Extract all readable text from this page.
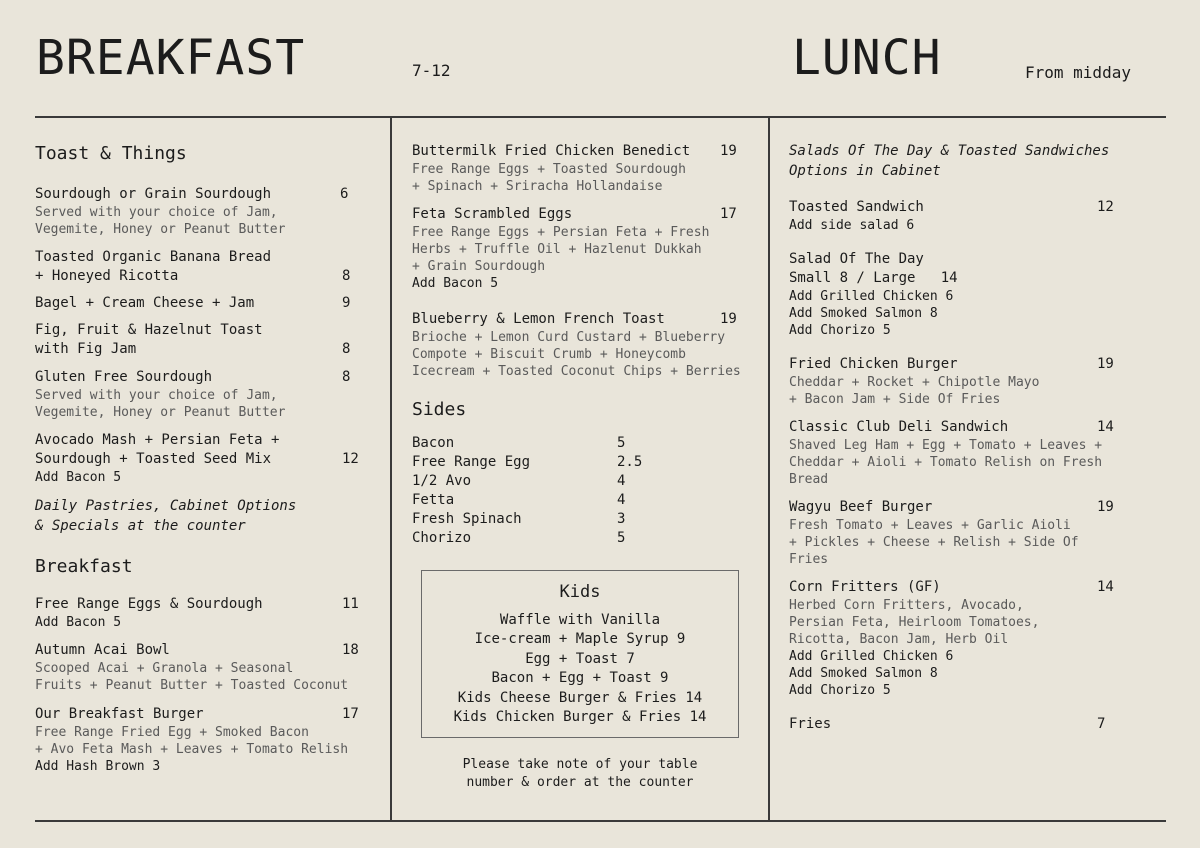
BREAKFAST	7-12	LUNCH	From midday
Toast & Things
Sourdough or Grain Sourdough
Served with your choice of Jam,
Vegemite, Honey or Peanut Butter
6
Toasted Organic Banana Bread
+ Honeyed Ricotta	8
Bagel + Cream Cheese + Jam	9
Fig, Fruit & Hazelnut Toast
with Fig Jam	8
Gluten Free Sourdough
Served with your choice of Jam,
Vegemite, Honey or Peanut Butter
8
Avocado Mash + Persian Feta +
Sourdough + Toasted Seed Mix
Add Bacon 5
12
Daily Pastries, Cabinet Options
& Specials at the counter
Breakfast
Free Range Eggs & Sourdough
Add Bacon 5
11
Autumn Acai Bowl
Scooped Acai + Granola + Seasonal
Fruits + Peanut Butter + Toasted Coconut
18
Our Breakfast Burger
Free Range Fried Egg + Smoked Bacon
+ Avo Feta Mash + Leaves + Tomato Relish
Add Hash Brown 3
17
Buttermilk Fried Chicken Benedict
Free Range Eggs + Toasted Sourdough
+ Spinach + Sriracha Hollandaise
19
Feta Scrambled Eggs
Free Range Eggs + Persian Feta + Fresh
Herbs + Truffle Oil + Hazlenut Dukkah
+ Grain Sourdough
Add Bacon 5
17
Blueberry & Lemon French Toast
Brioche + Lemon Curd Custard + Blueberry
Compote + Biscuit Crumb + Honeycomb
Icecream + Toasted Coconut Chips + Berries
19
Sides
Bacon	5
Free Range Egg	2.5
1/2 Avo	4
Fetta	4
Fresh Spinach	3
Chorizo	5
Kids
Waffle with Vanilla
Ice-cream + Maple Syrup 9
Egg + Toast 7
Bacon + Egg + Toast 9
Kids Cheese Burger & Fries 14
Kids Chicken Burger & Fries 14
Please take note of your table
number & order at the counter
Salads Of The Day & Toasted Sandwiches
Options in Cabinet
Toasted Sandwich
Add side salad 6
12
Salad Of The Day
Small 8 / Large   14
Add Grilled Chicken 6
Add Smoked Salmon 8
Add Chorizo 5
Fried Chicken Burger
Cheddar + Rocket + Chipotle Mayo
+ Bacon Jam + Side Of Fries
19
Classic Club Deli Sandwich
Shaved Leg Ham + Egg + Tomato + Leaves +
Cheddar + Aioli + Tomato Relish on Fresh
Bread
14
Wagyu Beef Burger
Fresh Tomato + Leaves + Garlic Aioli
+ Pickles + Cheese + Relish + Side Of
Fries
19
Corn Fritters (GF)
Herbed Corn Fritters, Avocado,
Persian Feta, Heirloom Tomatoes,
Ricotta, Bacon Jam, Herb Oil
Add Grilled Chicken 6
Add Smoked Salmon 8
Add Chorizo 5
14
Fries	7
